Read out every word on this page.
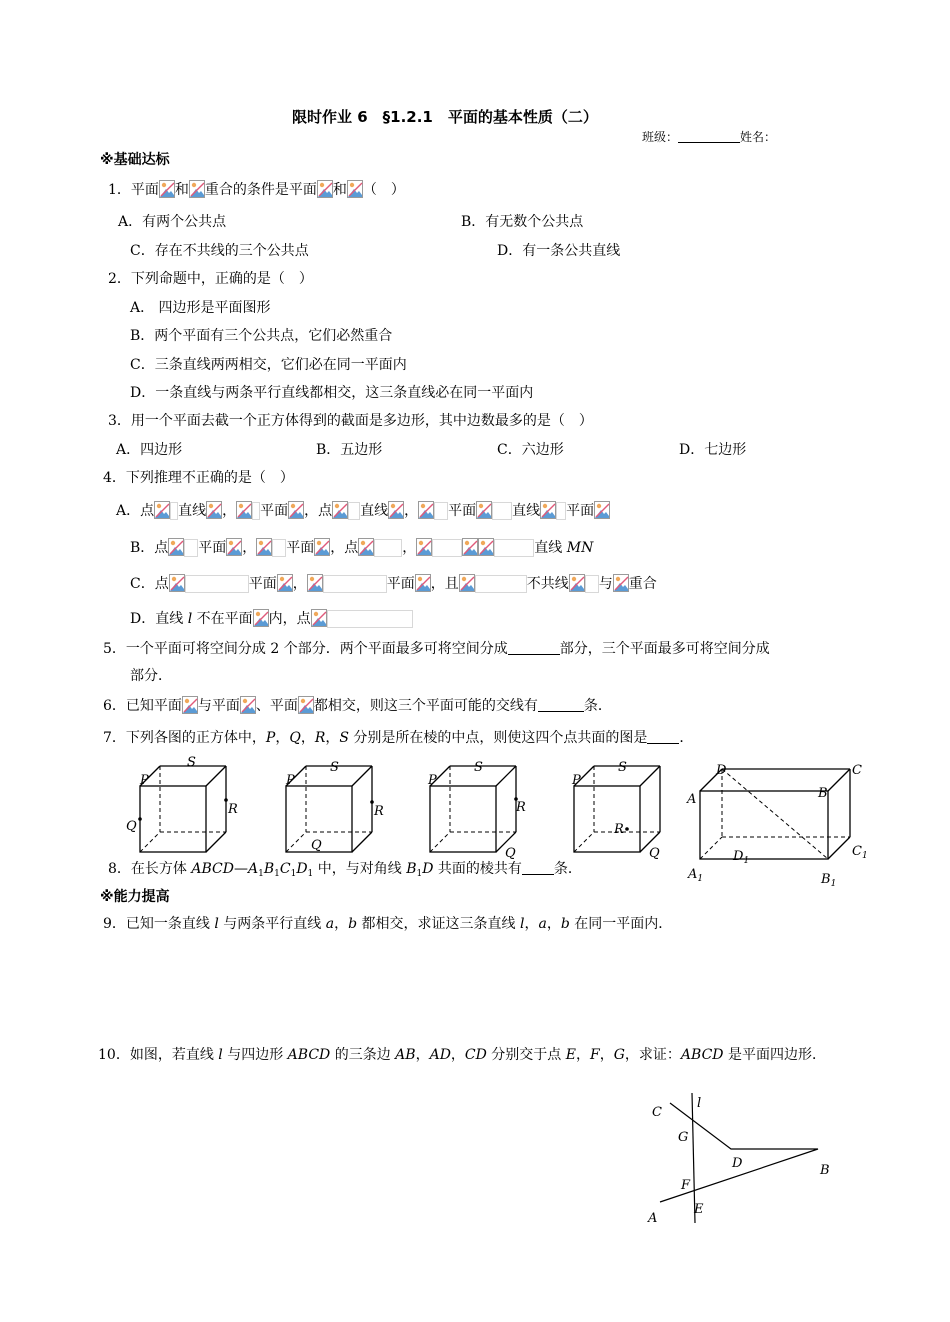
限时作业 6　§1.2.1　平面的基本性质（二）
班级：	姓名：
※基础达标
1．平面 和 重合的条件是平面 和 （　）
A．有两个公共点	B．有无数个公共点
C．存在不共线的三个公共点	D．有一条公共直线
2．下列命题中，正确的是（　）
A． 四边形是平面图形
B．两个平面有三个公共点，它们必然重合
C．三条直线两两相交，它们必在同一平面内
D．一条直线与两条平行直线都相交，这三条直线必在同一平面内
3．用一个平面去截一个正方体得到的截面是多边形，其中边数最多的是（　）
A．四边形	B．五边形	C．六边形	D．七边形
4．下列推理不正确的是（　）
A．点 直线 ， 平面 ，点 直线 ， 平面	直线 平面
B．点 平面 ， 平面 ，点	，	直线 MN
C．点	平面 ，	平面 ，且	不共线 与 重合
D．直线 l 不在平面 内，点
5．一个平面可将空间分成 2 个部分．两个平面最多可将空间分成	部分，三个平面最多可将空间分成
部分．
6．已知平面 与平面 、平面 都相交，则这三个平面可能的交线有	条．
7．下列各图的正方体中，P，Q，R，S 分别是所在棱的中点，则使这四个点共面的图是 ．
P
S
R
Q
P
S
R
Q
P
S
R
Q
P
S
R
Q
D	C
A	B
$D_1$
$C_1$
$A_1$	$B_1$
8．在长方体 $ABCD—A_1B_1C_1D_1$ 中，与对角线 $B_1D$ 共面的棱共有 条．
※能力提高
9．已知一条直线 l 与两条平行直线 a，b 都相交，求证这三条直线 l，a，b 在同一平面内．
10．如图，若直线 l 与四边形 ABCD 的三条边 AB，AD，CD 分别交于点 E，F，G，求证：ABCD 是平面四边形．
l
C
G
D	B
F
E
A
